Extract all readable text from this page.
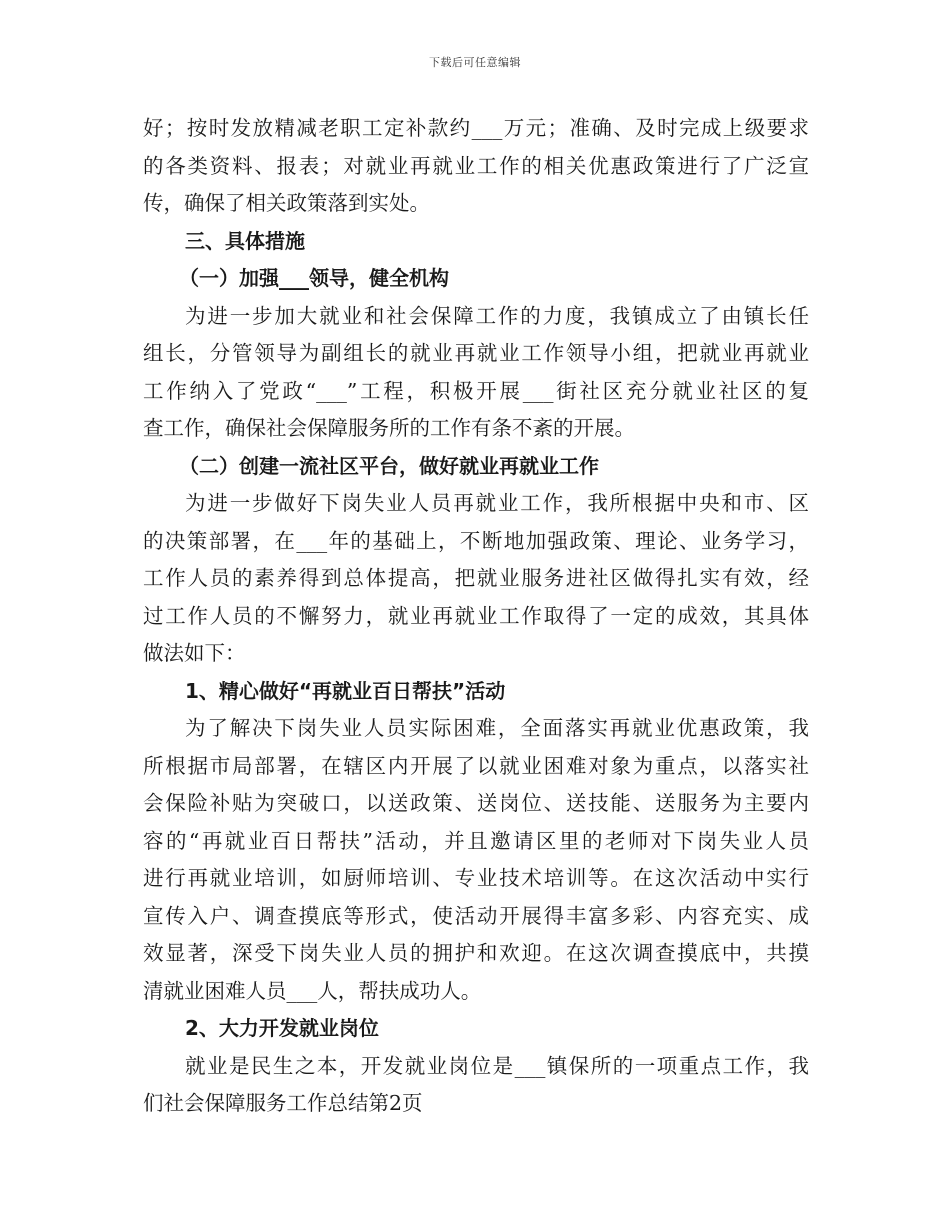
下载后可任意编辑
好；按时发放精减老职工定补款约___万元；准确、及时完成上级要求
的各类资料、报表；对就业再就业工作的相关优惠政策进行了广泛宣
传，确保了相关政策落到实处。
三、具体措施
（一）加强___领导，健全机构
为进一步加大就业和社会保障工作的力度，我镇成立了由镇长任
组长，分管领导为副组长的就业再就业工作领导小组，把就业再就业
工作纳入了党政“___”工程，积极开展___街社区充分就业社区的复
查工作，确保社会保障服务所的工作有条不紊的开展。
（二）创建一流社区平台，做好就业再就业工作
为进一步做好下岗失业人员再就业工作，我所根据中央和市、区
的决策部署，在___年的基础上，不断地加强政策、理论、业务学习，
工作人员的素养得到总体提高，把就业服务进社区做得扎实有效，经
过工作人员的不懈努力，就业再就业工作取得了一定的成效，其具体
做法如下：
1、精心做好“再就业百日帮扶”活动
为了解决下岗失业人员实际困难，全面落实再就业优惠政策，我
所根据市局部署，在辖区内开展了以就业困难对象为重点，以落实社
会保险补贴为突破口，以送政策、送岗位、送技能、送服务为主要内
容的“再就业百日帮扶”活动，并且邀请区里的老师对下岗失业人员
进行再就业培训，如厨师培训、专业技术培训等。在这次活动中实行
宣传入户、调查摸底等形式，使活动开展得丰富多彩、内容充实、成
效显著，深受下岗失业人员的拥护和欢迎。在这次调查摸底中，共摸
清就业困难人员___人，帮扶成功人。
2、大力开发就业岗位
就业是民生之本，开发就业岗位是___镇保所的一项重点工作，我
们社会保障服务工作总结第2页
